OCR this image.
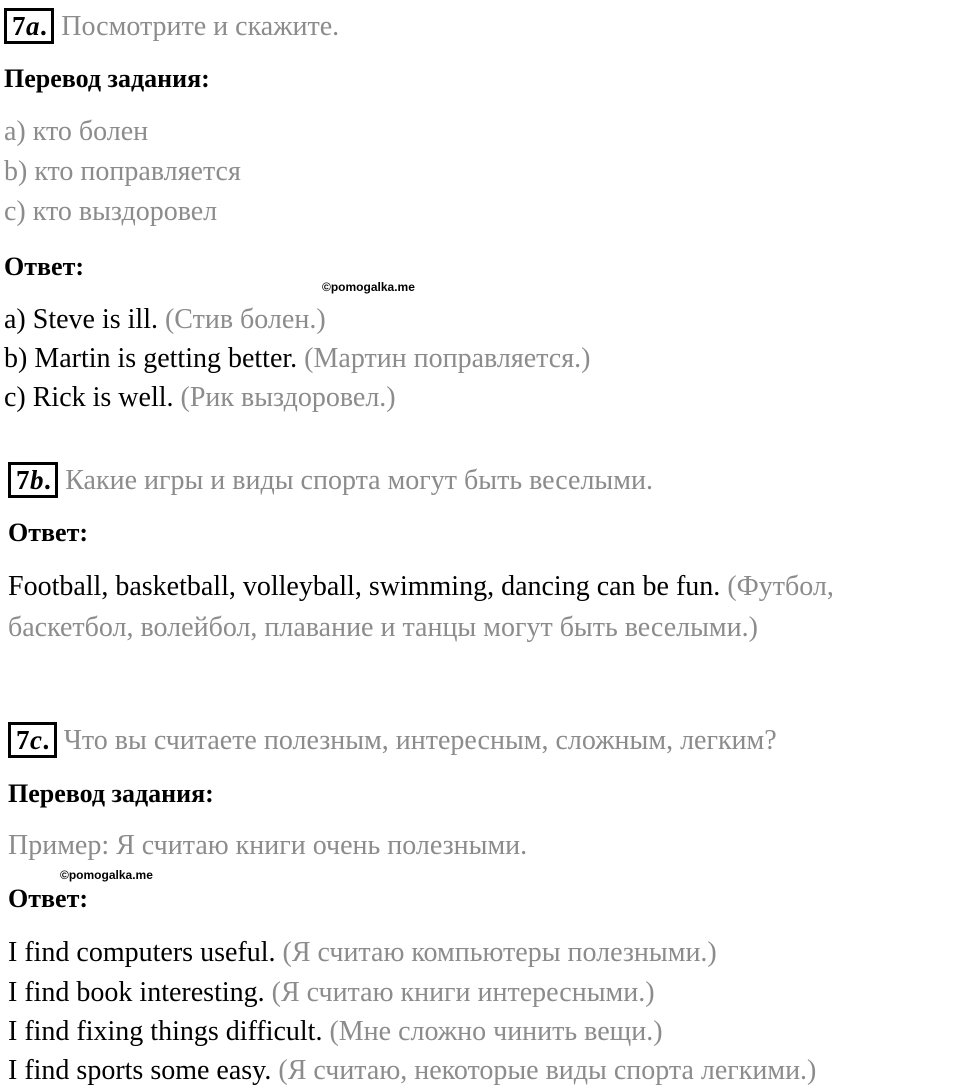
7a. Посмотрите и скажите.
Перевод задания:
a) кто болен
b) кто поправляется
c) кто выздоровел
Ответ:
©pomogalka.me
a) Steve is ill. (Стив болен.)
b) Martin is getting better. (Мартин поправляется.)
c) Rick is well. (Рик выздоровел.)
7b. Какие игры и виды спорта могут быть веселыми.
Ответ:
Football, basketball, volleyball, swimming, dancing can be fun. (Футбол,
баскетбол, волейбол, плавание и танцы могут быть веселыми.)
7c. Что вы считаете полезным, интересным, сложным, легким?
Перевод задания:
Пример: Я считаю книги очень полезными.
©pomogalka.me
Ответ:
I find computers useful. (Я считаю компьютеры полезными.)
I find book interesting. (Я считаю книги интересными.)
I find fixing things difficult. (Мне сложно чинить вещи.)
I find sports some easy. (Я считаю, некоторые виды спорта легкими.)
